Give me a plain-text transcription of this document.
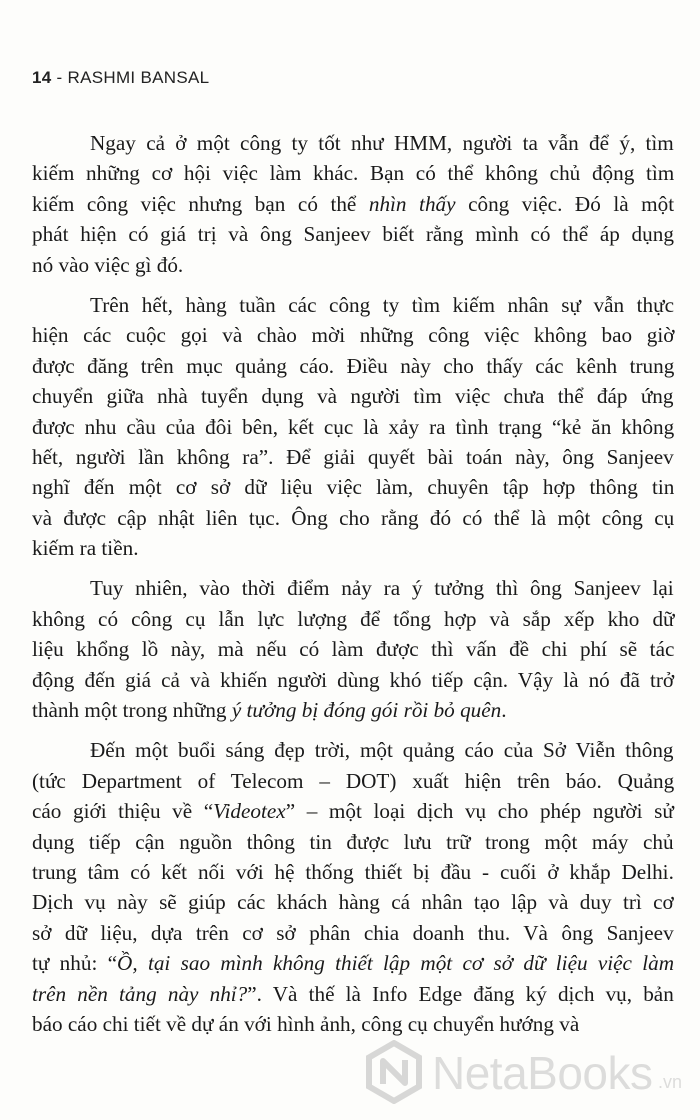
14 - RASHMI BANSAL
Ngay cả ở một công ty tốt như HMM, người ta vẫn để ý, tìm
kiếm những cơ hội việc làm khác. Bạn có thể không chủ động tìm
kiếm công việc nhưng bạn có thể nhìn thấy công việc. Đó là một
phát hiện có giá trị và ông Sanjeev biết rằng mình có thể áp dụng
nó vào việc gì đó.
Trên hết, hàng tuần các công ty tìm kiếm nhân sự vẫn thực
hiện các cuộc gọi và chào mời những công việc không bao giờ
được đăng trên mục quảng cáo. Điều này cho thấy các kênh trung
chuyển giữa nhà tuyển dụng và người tìm việc chưa thể đáp ứng
được nhu cầu của đôi bên, kết cục là xảy ra tình trạng “kẻ ăn không
hết, người lần không ra”. Để giải quyết bài toán này, ông Sanjeev
nghĩ đến một cơ sở dữ liệu việc làm, chuyên tập hợp thông tin
và được cập nhật liên tục. Ông cho rằng đó có thể là một công cụ
kiếm ra tiền.
Tuy nhiên, vào thời điểm nảy ra ý tưởng thì ông Sanjeev lại
không có công cụ lẫn lực lượng để tổng hợp và sắp xếp kho dữ
liệu khổng lồ này, mà nếu có làm được thì vấn đề chi phí sẽ tác
động đến giá cả và khiến người dùng khó tiếp cận. Vậy là nó đã trở
thành một trong những ý tưởng bị đóng gói rồi bỏ quên.
Đến một buổi sáng đẹp trời, một quảng cáo của Sở Viễn thông
(tức Department of Telecom – DOT) xuất hiện trên báo. Quảng
cáo giới thiệu về “Videotex” – một loại dịch vụ cho phép người sử
dụng tiếp cận nguồn thông tin được lưu trữ trong một máy chủ
trung tâm có kết nối với hệ thống thiết bị đầu - cuối ở khắp Delhi.
Dịch vụ này sẽ giúp các khách hàng cá nhân tạo lập và duy trì cơ
sở dữ liệu, dựa trên cơ sở phân chia doanh thu. Và ông Sanjeev
tự nhủ: “Ồ, tại sao mình không thiết lập một cơ sở dữ liệu việc làm
trên nền tảng này nhỉ?”. Và thế là Info Edge đăng ký dịch vụ, bản
báo cáo chi tiết về dự án với hình ảnh, công cụ chuyển hướng và
NetaBooks .vn
